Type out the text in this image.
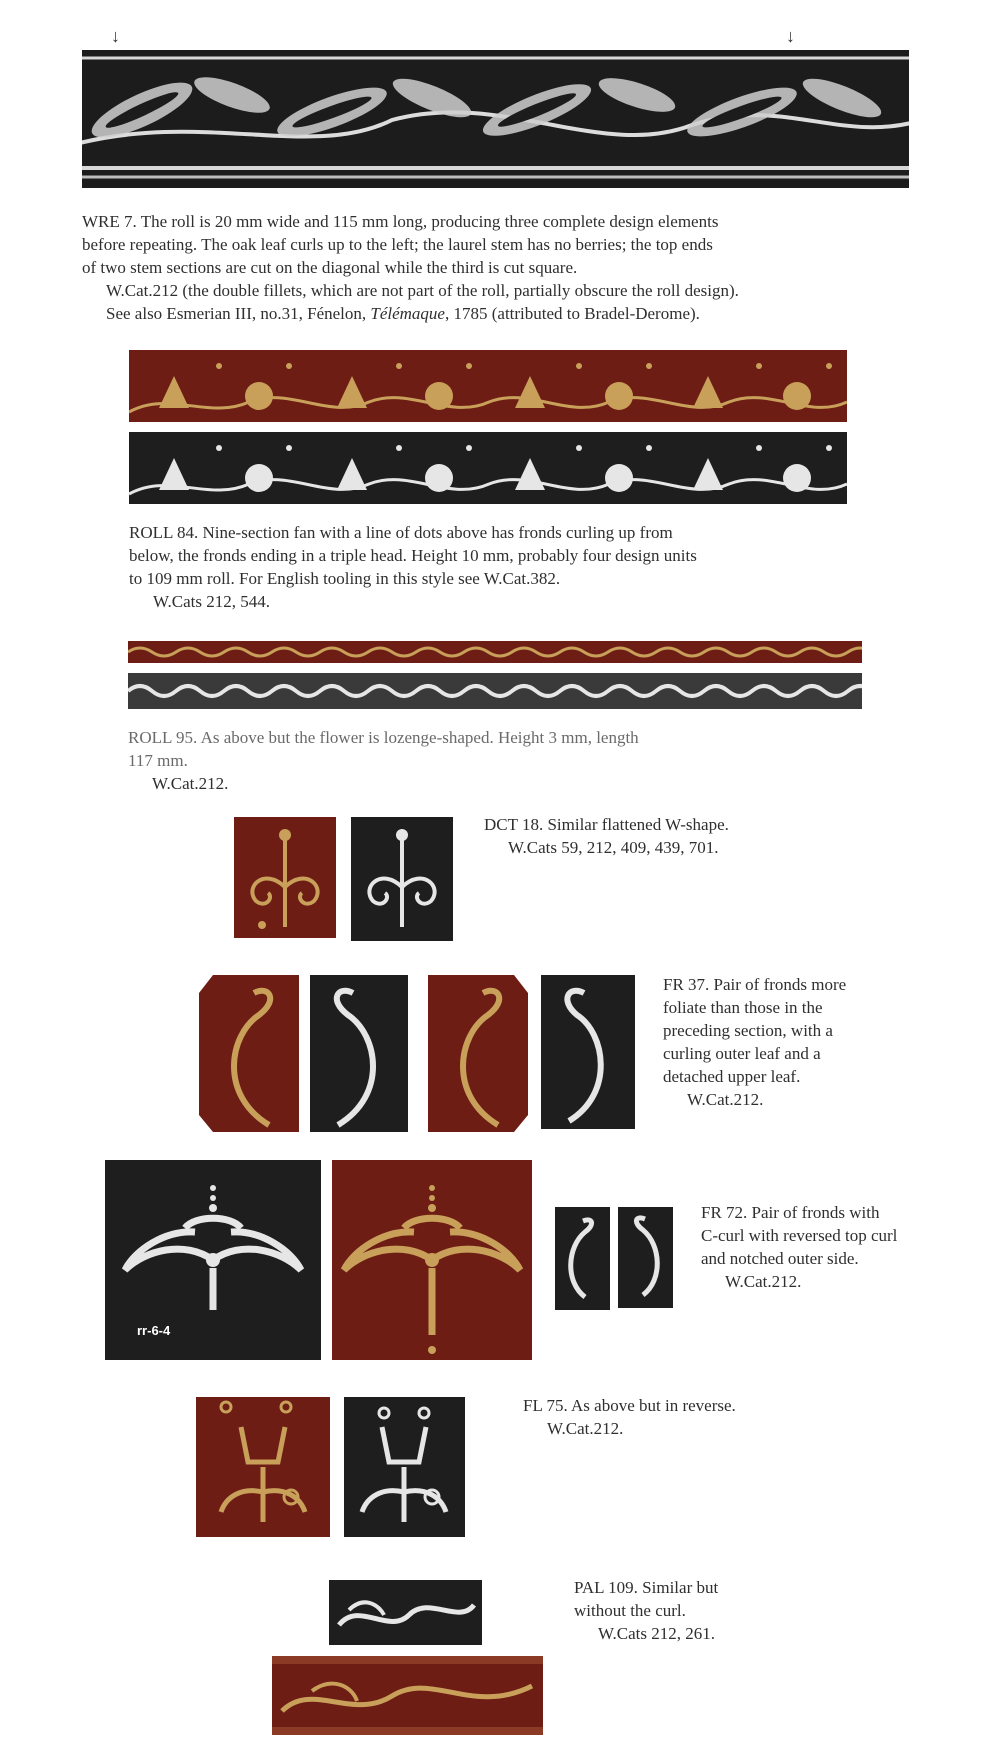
↓	↓

WRE 7. The roll is 20 mm wide and 115 mm long, producing three complete design elements

before repeating. The oak leaf curls up to the left; the laurel stem has no berries; the top ends

of two stem sections are cut on the diagonal while the third is cut square.

W.Cat.212 (the double fillets, which are not part of the roll, partially obscure the roll design).

See also Esmerian III, no.31, Fénelon, Télémaque, 1785 (attributed to Bradel-Derome).

ROLL 84. Nine-section fan with a line of dots above has fronds curling up from

below, the fronds ending in a triple head. Height 10 mm, probably four design units

to 109 mm roll. For English tooling in this style see W.Cat.382.

W.Cats 212, 544.

ROLL 95. As above but the flower is lozenge-shaped. Height 3 mm, length

117 mm.

W.Cat.212.

DCT 18. Similar flattened W-shape.

W.Cats 59, 212, 409, 439, 701.

FR 37. Pair of fronds more

foliate than those in the

preceding section, with a

curling outer leaf and a

detached upper leaf.

W.Cat.212.

rr-6-4

FR 72. Pair of fronds with

C-curl with reversed top curl

and notched outer side.

W.Cat.212.

FL 75. As above but in reverse.

W.Cat.212.

PAL 109. Similar but

without the curl.

W.Cats 212, 261.
